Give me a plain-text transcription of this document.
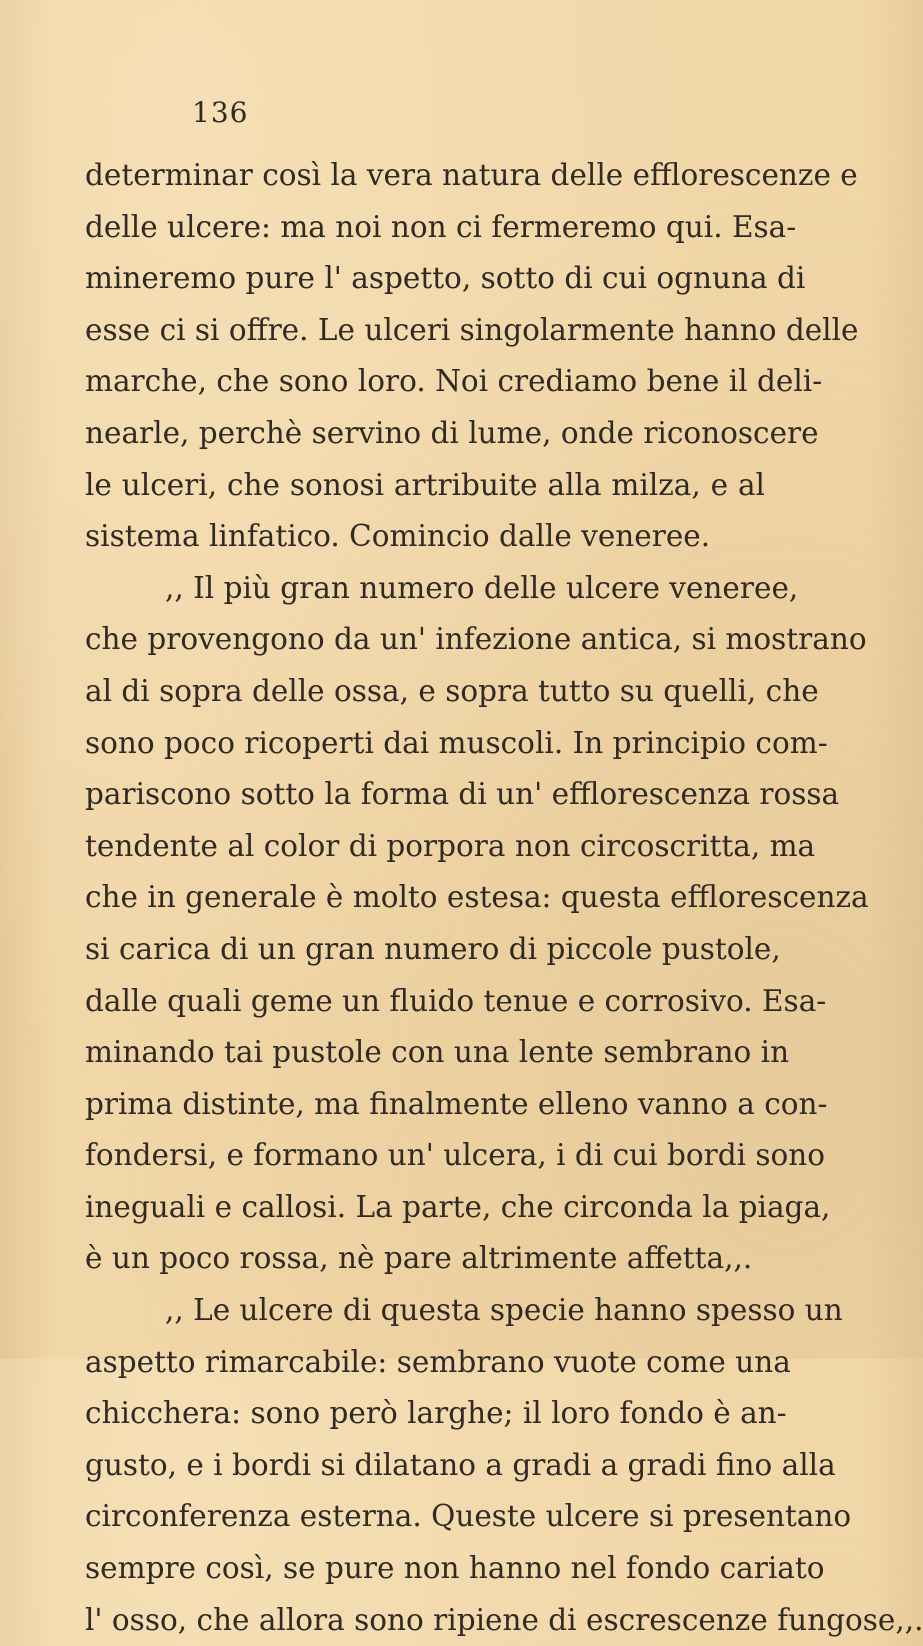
136
determinar così la vera natura delle efflorescenze e
delle ulcere: ma noi non ci fermeremo qui. Esa-
mineremo pure l' aspetto, sotto di cui ognuna di
esse ci si offre. Le ulceri singolarmente hanno delle
marche, che sono loro. Noi crediamo bene il deli-
nearle, perchè servino di lume, onde riconoscere
le ulceri, che sonosi artribuite alla milza, e al
sistema linfatico. Comincio dalle veneree.
,, Il più gran numero delle ulcere veneree,
che provengono da un' infezione antica, si mostrano
al di sopra delle ossa, e sopra tutto su quelli, che
sono poco ricoperti dai muscoli. In principio com-
pariscono sotto la forma di un' efflorescenza rossa
tendente al color di porpora non circoscritta, ma
che in generale è molto estesa: questa efflorescenza
si carica di un gran numero di piccole pustole,
dalle quali geme un fluido tenue e corrosivo. Esa-
minando tai pustole con una lente sembrano in
prima distinte, ma finalmente elleno vanno a con-
fondersi, e formano un' ulcera, i di cui bordi sono
ineguali e callosi. La parte, che circonda la piaga,
è un poco rossa, nè pare altrimente affetta,,.
,, Le ulcere di questa specie hanno spesso un
aspetto rimarcabile: sembrano vuote come una
chicchera: sono però larghe; il loro fondo è an-
gusto, e i bordi si dilatano a gradi a gradi fino alla
circonferenza esterna. Queste ulcere si presentano
sempre così, se pure non hanno nel fondo cariato
l' osso, che allora sono ripiene di escrescenze fungose,,.
